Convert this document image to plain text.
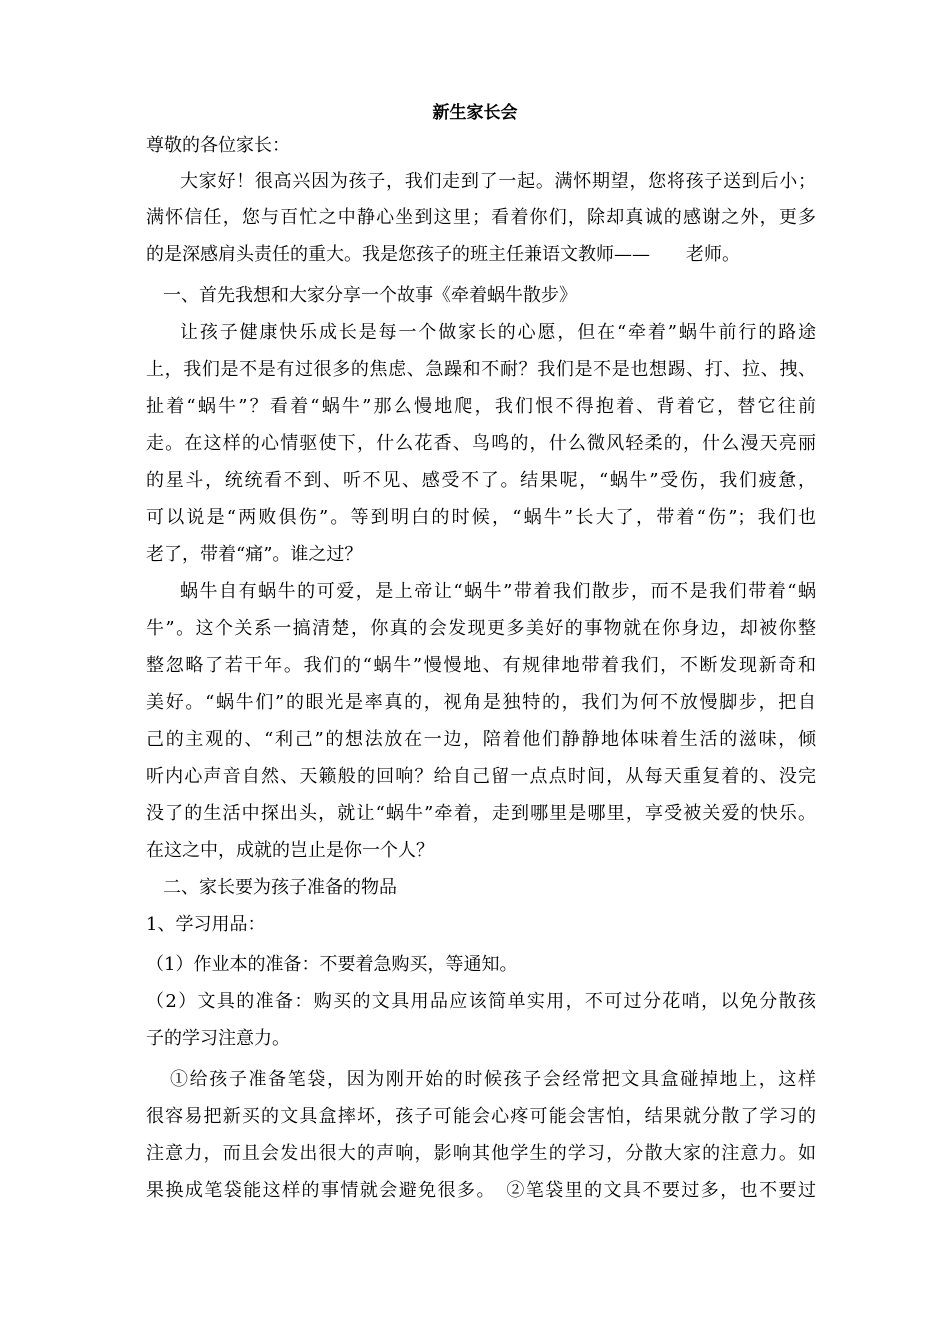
新生家长会
尊敬的各位家长：
大家好！很高兴因为孩子，我们走到了一起。满怀期望，您将孩子送到后小；
满怀信任，您与百忙之中静心坐到这里；看着你们，除却真诚的感谢之外，更多
的是深感肩头责任的重大。我是您孩子的班主任兼语文教师——　　老师。
一、首先我想和大家分享一个故事《牵着蜗牛散步》
让孩子健康快乐成长是每一个做家长的心愿，但在“牵着”蜗牛前行的路途
上，我们是不是有过很多的焦虑、急躁和不耐？我们是不是也想踢、打、拉、拽、
扯着“蜗牛”？看着“蜗牛”那么慢地爬，我们恨不得抱着、背着它，替它往前
走。在这样的心情驱使下，什么花香、鸟鸣的，什么微风轻柔的，什么漫天亮丽
的星斗，统统看不到、听不见、感受不了。结果呢，“蜗牛”受伤，我们疲惫，
可以说是“两败俱伤”。等到明白的时候，“蜗牛”长大了，带着“伤”；我们也
老了，带着“痛”。谁之过？
蜗牛自有蜗牛的可爱，是上帝让“蜗牛”带着我们散步，而不是我们带着“蜗
牛”。这个关系一搞清楚，你真的会发现更多美好的事物就在你身边，却被你整
整忽略了若干年。我们的“蜗牛”慢慢地、有规律地带着我们，不断发现新奇和
美好。“蜗牛们”的眼光是率真的，视角是独特的，我们为何不放慢脚步，把自
己的主观的、“利己”的想法放在一边，陪着他们静静地体味着生活的滋味，倾
听内心声音自然、天籁般的回响？给自己留一点点时间，从每天重复着的、没完
没了的生活中探出头，就让“蜗牛”牵着，走到哪里是哪里，享受被关爱的快乐。
在这之中，成就的岂止是你一个人？
二、家长要为孩子准备的物品
1、学习用品：
（1）作业本的准备：不要着急购买，等通知。
（2）文具的准备：购买的文具用品应该简单实用，不可过分花哨，以免分散孩
子的学习注意力。
①给孩子准备笔袋，因为刚开始的时候孩子会经常把文具盒碰掉地上，这样
很容易把新买的文具盒摔坏，孩子可能会心疼可能会害怕，结果就分散了学习的
注意力，而且会发出很大的声响，影响其他学生的学习，分散大家的注意力。如
果换成笔袋能这样的事情就会避免很多。　②笔袋里的文具不要过多，也不要过
